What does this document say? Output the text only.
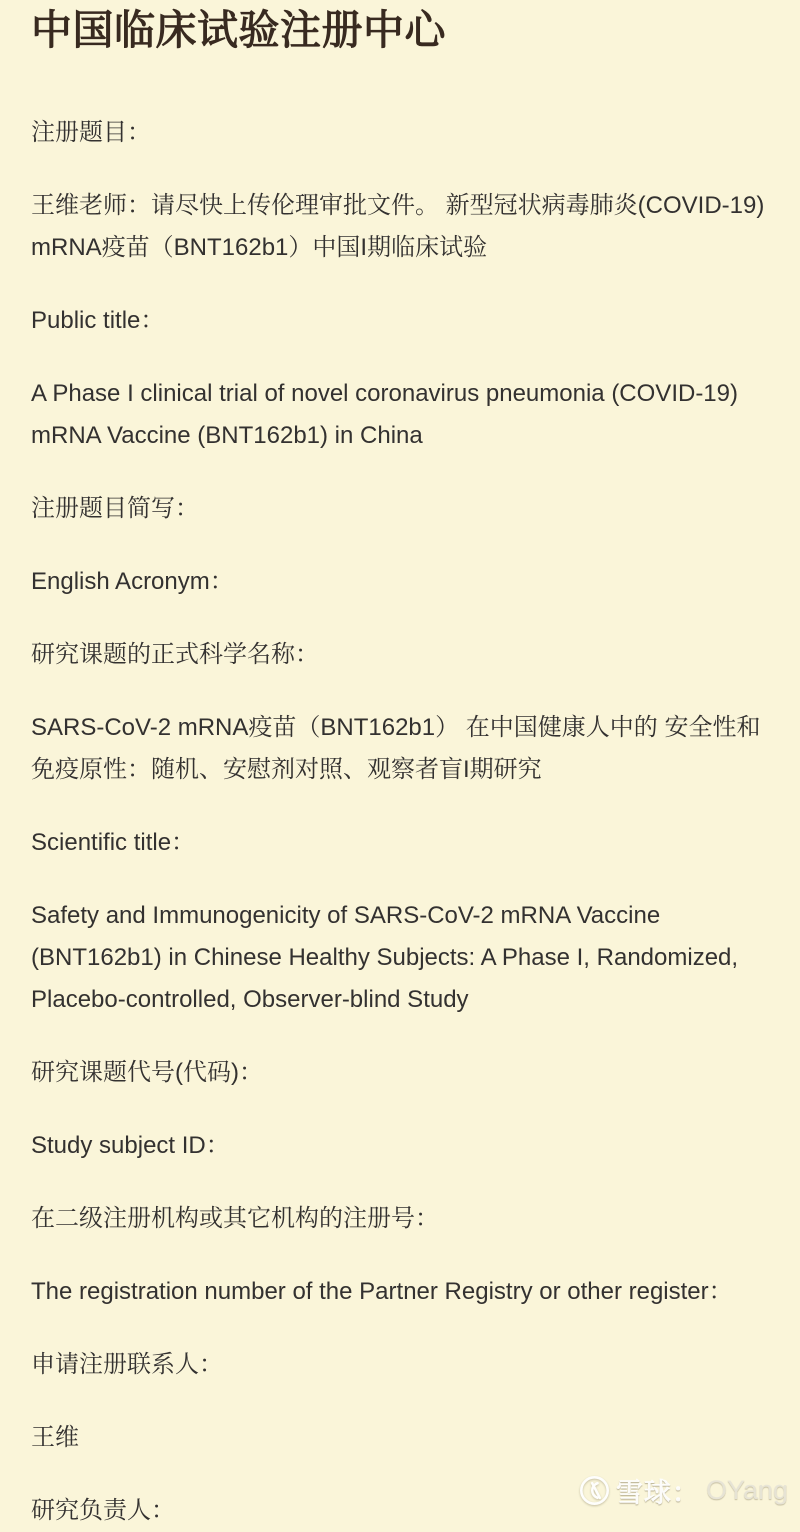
中国临床试验注册中心

注册题目：

王维老师：请尽快上传伦理审批文件。 新型冠状病毒肺炎(COVID-19) mRNA疫苗（BNT162b1）中国I期临床试验

Public title：

A Phase I clinical trial of novel coronavirus pneumonia (COVID-19) mRNA Vaccine (BNT162b1) in China

注册题目简写：

English Acronym：

研究课题的正式科学名称：

SARS-CoV-2 mRNA疫苗（BNT162b1） 在中国健康人中的 安全性和免疫原性：随机、安慰剂对照、观察者盲I期研究

Scientific title：

Safety and Immunogenicity of SARS-CoV-2 mRNA Vaccine (BNT162b1) in Chinese Healthy Subjects: A Phase I, Randomized, Placebo-controlled, Observer-blind Study

研究课题代号(代码)：

Study subject ID：

在二级注册机构或其它机构的注册号：

The registration number of the Partner Registry or other register：

申请注册联系人：

王维

研究负责人：

雪球： OYang
